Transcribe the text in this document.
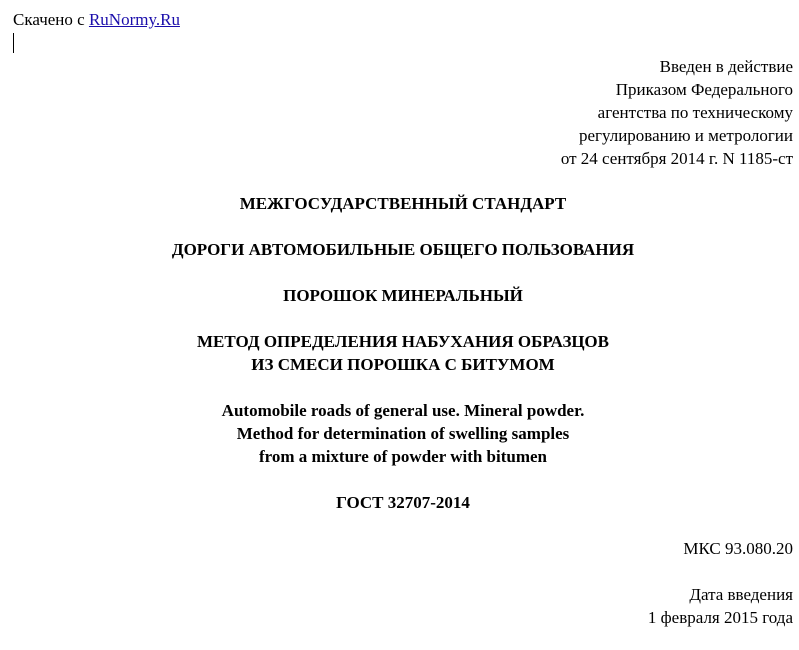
Скачено с RuNormy.Ru
Введен в действие
Приказом Федерального
агентства по техническому
регулированию и метрологии
от 24 сентября 2014 г. N 1185-ст
МЕЖГОСУДАРСТВЕННЫЙ СТАНДАРТ
ДОРОГИ АВТОМОБИЛЬНЫЕ ОБЩЕГО ПОЛЬЗОВАНИЯ
ПОРОШОК МИНЕРАЛЬНЫЙ
МЕТОД ОПРЕДЕЛЕНИЯ НАБУХАНИЯ ОБРАЗЦОВ
ИЗ СМЕСИ ПОРОШКА С БИТУМОМ
Automobile roads of general use. Mineral powder.
Method for determination of swelling samples
from a mixture of powder with bitumen
ГОСТ 32707-2014
МКС 93.080.20
Дата введения
1 февраля 2015 года
